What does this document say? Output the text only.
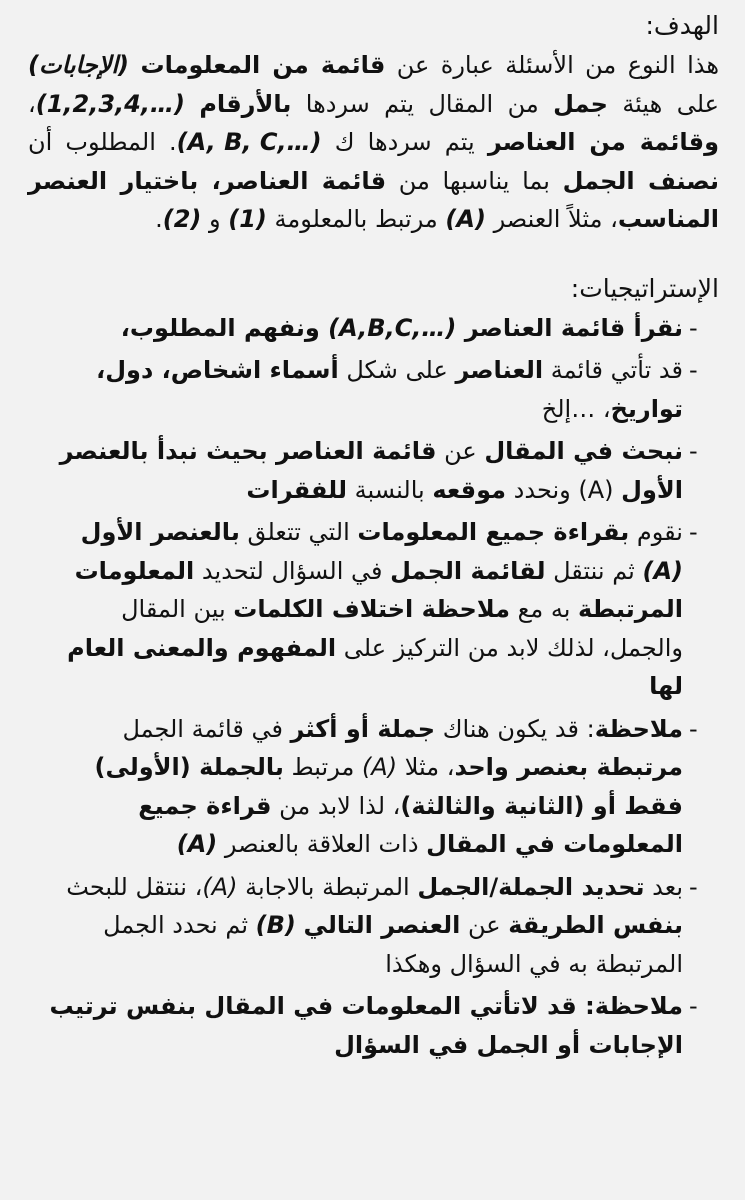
الهدف:

هذا النوع من الأسئلة عبارة عن قائمة من المعلومات (الإجابات) على هيئة جمل من المقال يتم سردها بالأرقام (1,2,3,4,…)، وقائمة من العناصر يتم سردها ك (A, B, C,…). المطلوب أن نصنف الجمل بما يناسبها من قائمة العناصر، باختيار العنصر المناسب، مثلاً العنصر (A) مرتبط بالمعلومة (1) و (2).

الإستراتيجيات:
-
نقرأ قائمة العناصر (A,B,C,…) ونفهم المطلوب،
-
قد تأتي قائمة العناصر على شكل أسماء اشخاص، دول، تواريخ، …إلخ
-
نبحث في المقال عن قائمة العناصر بحيث نبدأ بالعنصر الأول (A) ونحدد موقعه بالنسبة للفقرات
-
نقوم بقراءة جميع المعلومات التي تتعلق بالعنصر الأول (A) ثم ننتقل لقائمة الجمل في السؤال لتحديد المعلومات المرتبطة به مع ملاحظة اختلاف الكلمات بين المقال والجمل، لذلك لابد من التركيز على المفهوم والمعنى العام لها
-
ملاحظة: قد يكون هناك جملة أو أكثر في قائمة الجمل مرتبطة بعنصر واحد، مثلا (A) مرتبط بالجملة (الأولى) فقط أو (الثانية والثالثة)، لذا لابد من قراءة جميع المعلومات في المقال ذات العلاقة بالعنصر (A)
-
بعد تحديد الجملة/الجمل المرتبطة بالاجابة (A)، ننتقل للبحث بنفس الطريقة عن العنصر التالي (B) ثم نحدد الجمل المرتبطة به في السؤال وهكذا
-
ملاحظة: قد لاتأتي المعلومات في المقال بنفس ترتيب الإجابات أو الجمل في السؤال
